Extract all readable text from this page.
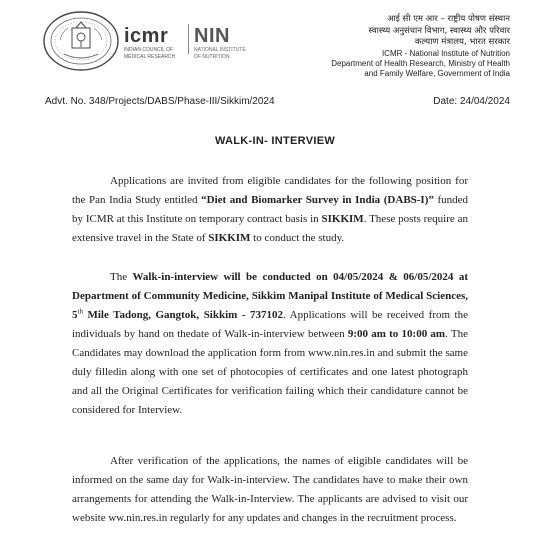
icmr
INDIAN COUNCIL OF
MEDICAL RESEARCH
NIN
NATIONAL INSTITUTE
OF NUTRITION
आई सी एम आर – राष्ट्रीय पोषण संस्थान
स्वास्थ्य अनुसंधान विभाग, स्वास्थ्य और परिवार
कल्याण मंत्रालय, भारत सरकार
ICMR - National Institute of Nutrition
Department of Health Research, Ministry of Health
and Family Welfare, Government of India
Advt. No. 348/Projects/DABS/Phase-III/Sikkim/2024	Date: 24/04/2024
WALK-IN- INTERVIEW
Applications are invited from eligible candidates for the following position for the Pan India Study entitled “Diet and Biomarker Survey in India (DABS-I)” funded by ICMR at this Institute on temporary contract basis in SIKKIM. These posts require an extensive travel in the State of SIKKIM to conduct the study.
The Walk-in-interview will be conducted on 04/05/2024 & 06/05/2024 at Department of Community Medicine, Sikkim Manipal Institute of Medical Sciences, 5th Mile Tadong, Gangtok, Sikkim - 737102. Applications will be received from the individuals by hand on thedate of Walk-in-interview between 9:00 am to 10:00 am. The Candidates may download the application form from www.nin.res.in and submit the same duly filledin along with one set of photocopies of certificates and one latest photograph and all the Original Certificates for verification failing which their candidature cannot be considered for Interview.
After verification of the applications, the names of eligible candidates will be informed on the same day for Walk-in-interview. The candidates have to make their own arrangements for attending the Walk-in-Interview. The applicants are advised to visit our website ww.nin.res.in regularly for any updates and changes in the recruitment process.
